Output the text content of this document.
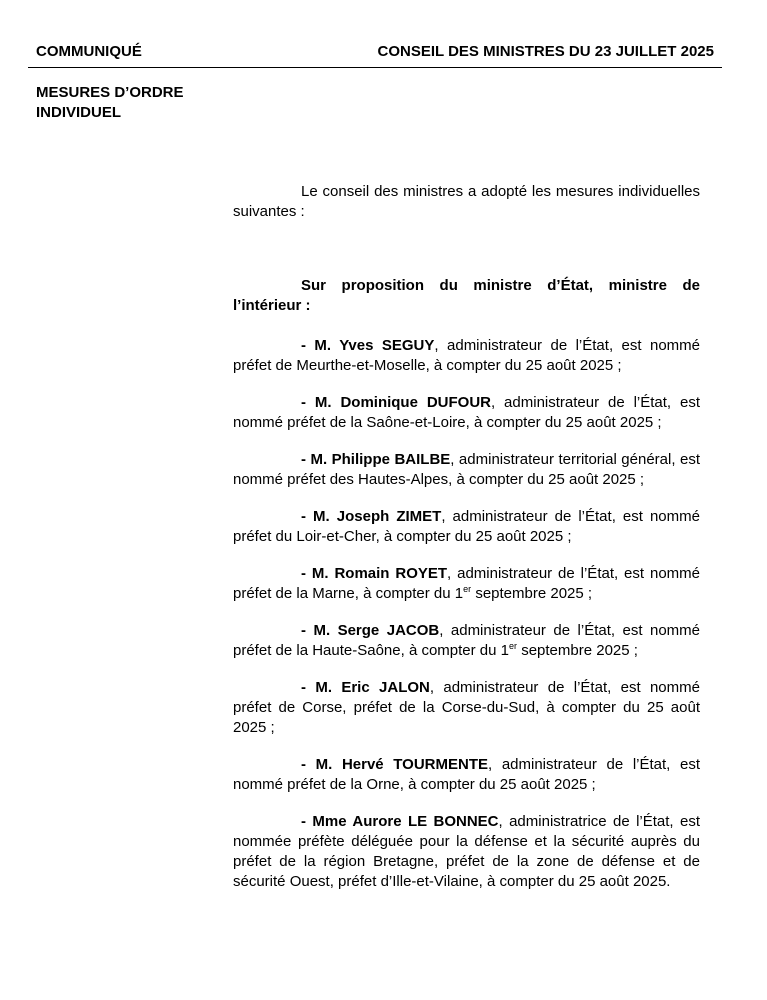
COMMUNIQUÉ	CONSEIL DES MINISTRES DU 23 JUILLET 2025
MESURES D’ORDRE
INDIVIDUEL
Le conseil des ministres a adopté les mesures individuelles suivantes :
Sur proposition du ministre d’État, ministre de l’intérieur :

- M. Yves SEGUY, administrateur de l’État, est nommé préfet de Meurthe-et-Moselle, à compter du 25 août 2025 ;

- M. Dominique DUFOUR, administrateur de l’État, est nommé préfet de la Saône-et-Loire, à compter du 25 août 2025 ;

- M. Philippe BAILBE, administrateur territorial général, est nommé préfet des Hautes-Alpes, à compter du 25 août 2025 ;

- M. Joseph ZIMET, administrateur de l’État, est nommé préfet du Loir-et-Cher, à compter du 25 août 2025 ;

- M. Romain ROYET, administrateur de l’État, est nommé préfet de la Marne, à compter du 1er septembre 2025 ;

- M. Serge JACOB, administrateur de l’État, est nommé préfet de la Haute-Saône, à compter du 1er septembre 2025 ;

- M. Eric JALON, administrateur de l’État, est nommé préfet de Corse, préfet de la Corse-du-Sud, à compter du 25 août 2025 ;

- M. Hervé TOURMENTE, administrateur de l’État, est nommé préfet de la Orne, à compter du 25 août 2025 ;

- Mme Aurore LE BONNEC, administratrice de l’État, est nommée préfète déléguée pour la défense et la sécurité auprès du préfet de la région Bretagne, préfet de la zone de défense et de sécurité Ouest, préfet d’Ille-et-Vilaine, à compter du 25 août 2025.
